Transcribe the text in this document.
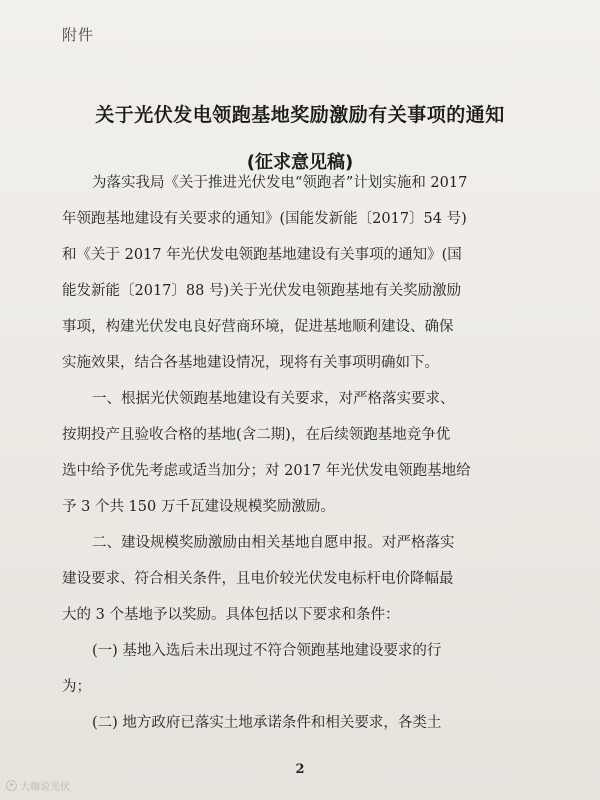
附件
关于光伏发电领跑基地奖励激励有关事项的通知
(征求意见稿)
为落实我局《关于推进光伏发电“领跑者”计划实施和 2017
年领跑基地建设有关要求的通知》(国能发新能〔2017〕54 号)
和《关于 2017 年光伏发电领跑基地建设有关事项的通知》(国
能发新能〔2017〕88 号)关于光伏发电领跑基地有关奖励激励
事项，构建光伏发电良好营商环境，促进基地顺利建设、确保
实施效果，结合各基地建设情况，现将有关事项明确如下。
一、根据光伏领跑基地建设有关要求，对严格落实要求、
按期投产且验收合格的基地(含二期)，在后续领跑基地竞争优
选中给予优先考虑或适当加分；对 2017 年光伏发电领跑基地给
予 3 个共 150 万千瓦建设规模奖励激励。
二、建设规模奖励激励由相关基地自愿申报。对严格落实
建设要求、符合相关条件，且电价较光伏发电标杆电价降幅最
大的 3 个基地予以奖励。具体包括以下要求和条件：
(一) 基地入选后未出现过不符合领跑基地建设要求的行
为；
(二) 地方政府已落实土地承诺条件和相关要求，各类土
2
大咖说光伏
